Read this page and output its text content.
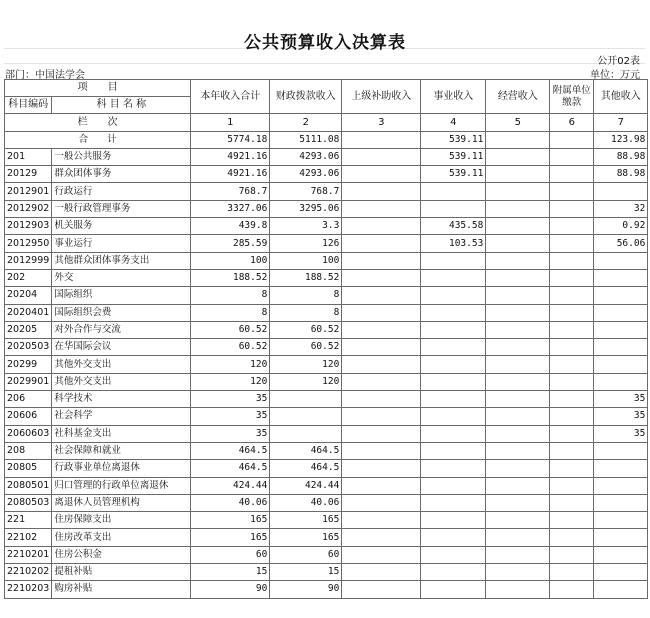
公共预算收入决算表
公开02表
部门：中国法学会	单位：万元
项　　目		本年收入合计	财政拨款收入	上级补助收入	事业收入	经营收入	附属单位缴款	其他收入
科目编码	科 目 名 称							
栏　　次		1	2	3	4	5	6	7
合　　计		5774.18	5111.08		539.11			123.98
201	一般公共服务	4921.16	4293.06		539.11			88.98
20129	群众团体事务	4921.16	4293.06		539.11			88.98
2012901	行政运行	768.7	768.7					
2012902	一般行政管理事务	3327.06	3295.06					32
2012903	机关服务	439.8	3.3		435.58			0.92
2012950	事业运行	285.59	126		103.53			56.06
2012999	其他群众团体事务支出	100	100					
202	外交	188.52	188.52					
20204	国际组织	8	8					
2020401	国际组织会费	8	8					
20205	对外合作与交流	60.52	60.52					
2020503	在华国际会议	60.52	60.52					
20299	其他外交支出	120	120					
2029901	其他外交支出	120	120					
206	科学技术	35						35
20606	社会科学	35						35
2060603	社科基金支出	35						35
208	社会保障和就业	464.5	464.5					
20805	行政事业单位离退休	464.5	464.5					
2080501	归口管理的行政单位离退休	424.44	424.44					
2080503	离退休人员管理机构	40.06	40.06					
221	住房保障支出	165	165					
22102	住房改革支出	165	165					
2210201	住房公积金	60	60					
2210202	提租补贴	15	15					
2210203	购房补贴	90	90					
